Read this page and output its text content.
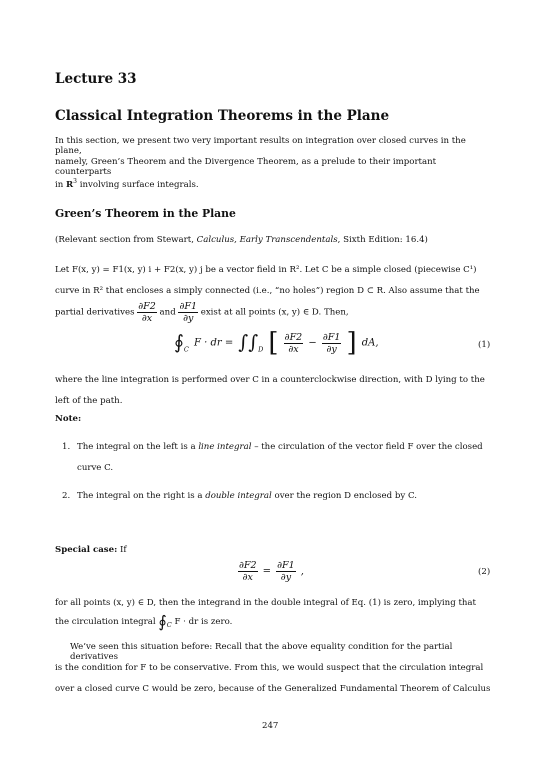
Lecture 33
Classical Integration Theorems in the Plane
In this section, we present two very important results on integration over closed curves in the plane,
namely, Green’s Theorem and the Divergence Theorem, as a prelude to their important counterparts
in $R^3$ involving surface integrals.
Green’s Theorem in the Plane
(Relevant section from Stewart, Calculus, Early Transcendentals, Sixth Edition: 16.4)
Let F(x, y) = F1(x, y) i + F2(x, y) j be a vector field in R². Let C be a simple closed (piecewise C¹)
curve in R² that encloses a simply connected (i.e., “no holes”) region D ⊂ R. Also assume that the
partial derivatives $\frac{\partial F2}{\partial x}$ and $\frac{\partial F1}{\partial y}$ exist at all points (x, y) ∈ D. Then,
$∮_C$ F · dr = $\int\int_D$ [ $\frac{\partial F2}{\partial x} - \frac{\partial F1}{\partial y}$ ] dA,	(1)
where the line integration is performed over C in a counterclockwise direction, with D lying to the
left of the path.
Note:
1. The integral on the left is a line integral – the circulation of the vector field F over the closed
curve C.
2. The integral on the right is a double integral over the region D enclosed by C.
Special case: If
$\frac{\partial F2}{\partial x} = \frac{\partial F1}{\partial y}$ ,	(2)
for all points (x, y) ∈ D, then the integrand in the double integral of Eq. (1) is zero, implying that
the circulation integral $∮_C$ F · dr is zero.
We’ve seen this situation before: Recall that the above equality condition for the partial derivatives
is the condition for F to be conservative. From this, we would suspect that the circulation integral
over a closed curve C would be zero, because of the Generalized Fundamental Theorem of Calculus
247
